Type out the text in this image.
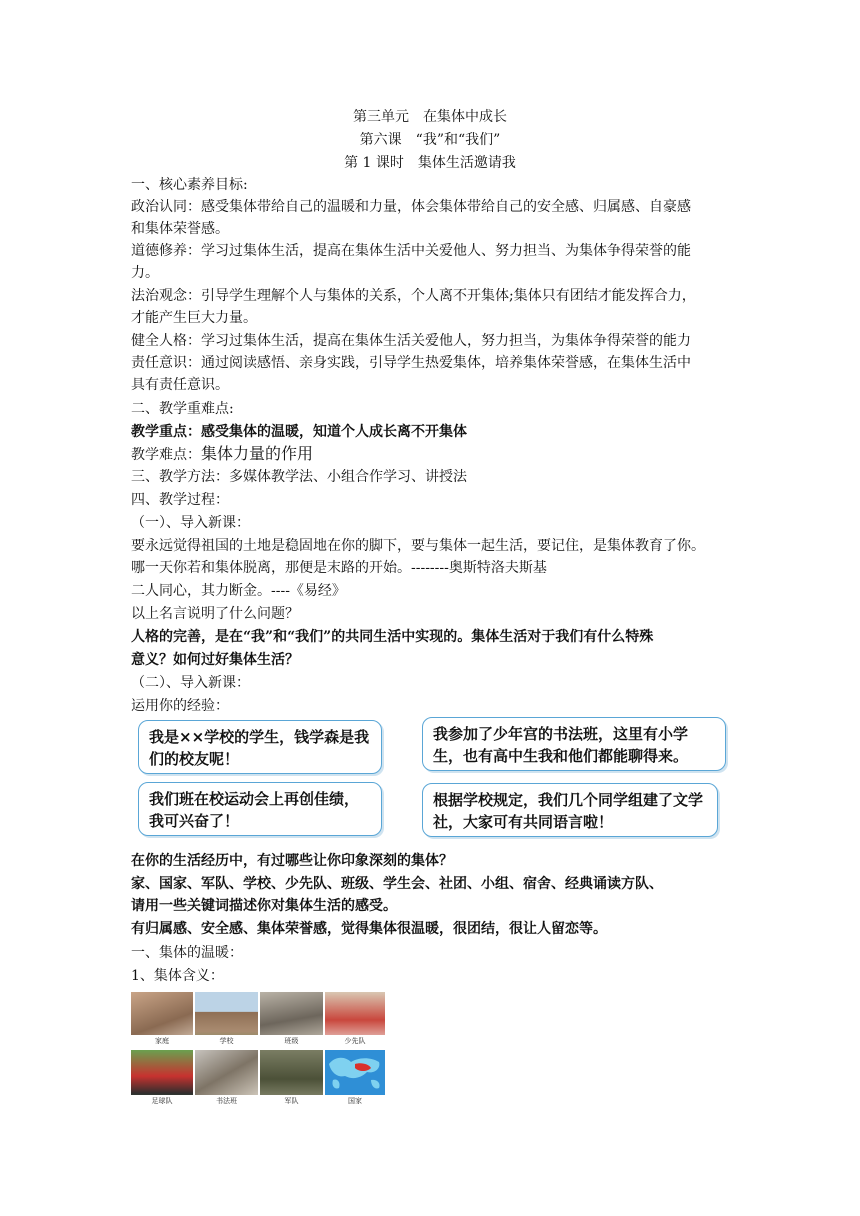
第三单元　在集体中成长
第六课　“我”和“我们”
第 1 课时　集体生活邀请我
一、核心素养目标:
政治认同：感受集体带给自己的温暖和力量，体会集体带给自己的安全感、归属感、自豪感
和集体荣誉感。
道德修养：学习过集体生活，提高在集体生活中关爱他人、努力担当、为集体争得荣誉的能
力。
法治观念：引导学生理解个人与集体的关系，个人离不开集体;集体只有团结才能发挥合力，
才能产生巨大力量。
健全人格：学习过集体生活，提高在集体生活关爱他人，努力担当，为集体争得荣誉的能力
责任意识：通过阅读感悟、亲身实践，引导学生热爱集体，培养集体荣誉感，在集体生活中
具有责任意识。
二、教学重难点:
教学重点：感受集体的温暖，知道个人成长离不开集体
教学难点：集体力量的作用
三、教学方法：多媒体教学法、小组合作学习、讲授法
四、教学过程：
（一）、导入新课：
要永远觉得祖国的土地是稳固地在你的脚下，要与集体一起生活，要记住，是集体教育了你。
哪一天你若和集体脱离，那便是末路的开始。--------奥斯特洛夫斯基
二人同心，其力断金。----《易经》
以上名言说明了什么问题？
人格的完善，是在“我”和“我们”的共同生活中实现的。集体生活对于我们有什么特殊
意义？如何过好集体生活？
（二）、导入新课：
运用你的经验：
我是××学校的学生，钱学森是我们的校友呢！
我参加了少年宫的书法班，这里有小学生，也有高中生我和他们都能聊得来。
我们班在校运动会上再创佳绩，我可兴奋了！
根据学校规定，我们几个同学组建了文学社，大家可有共同语言啦！
在你的生活经历中，有过哪些让你印象深刻的集体？
家、国家、军队、学校、少先队、班级、学生会、社团、小组、宿舍、经典诵读方队、
请用一些关键词描述你对集体生活的感受。
有归属感、安全感、集体荣誉感，觉得集体很温暖，很团结，很让人留恋等。
一、集体的温暖：
1、集体含义：
家庭	学校	班级	少先队
足球队	书法班	军队	国家
